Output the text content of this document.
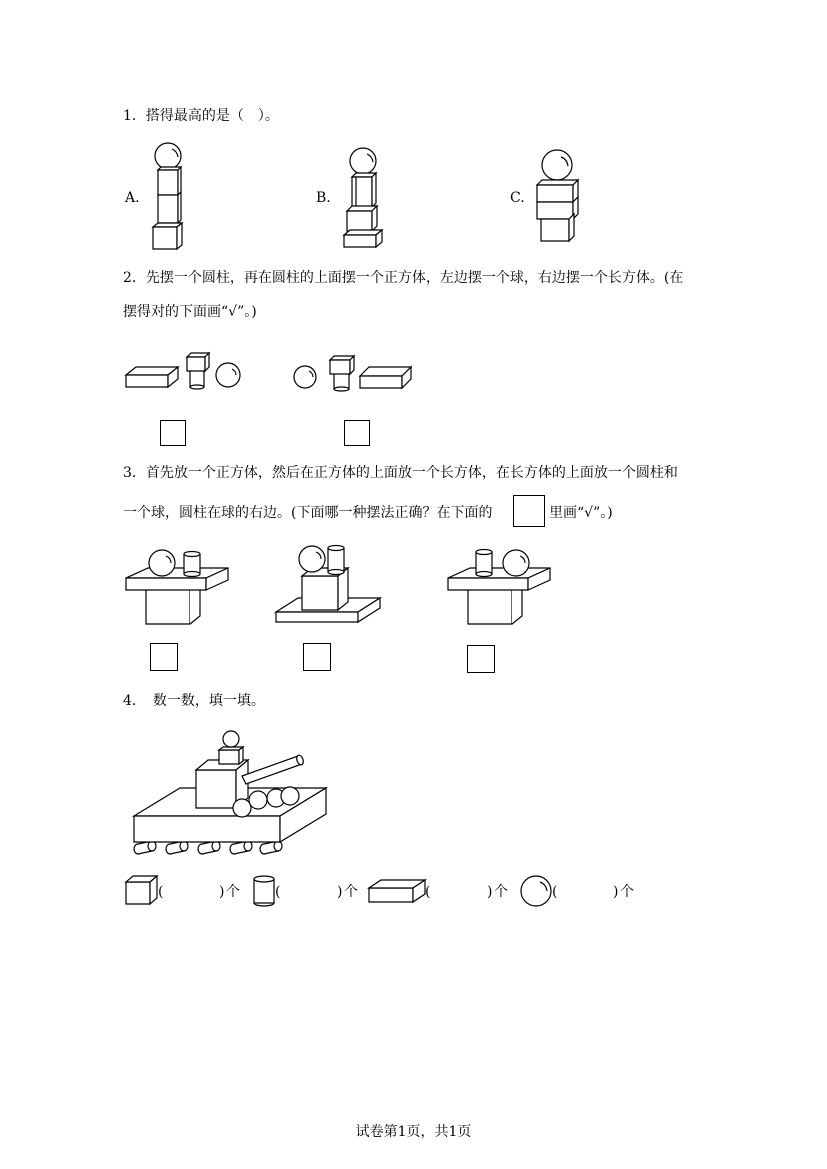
1．搭得最高的是（　）。
A.	B.	C.
2．先摆一个圆柱，再在圆柱的上面摆一个正方体，左边摆一个球，右边摆一个长方体。(在
摆得对的下面画“√”。)
3．首先放一个正方体，然后在正方体的上面放一个长方体，在长方体的上面放一个圆柱和
一个球，圆柱在球的右边。(下面哪一种摆法正确？在下面的	里画“√”。)
4．　数一数，填一填。
(	) 个	(	) 个	(	) 个	(	) 个
试卷第1页，共1页
